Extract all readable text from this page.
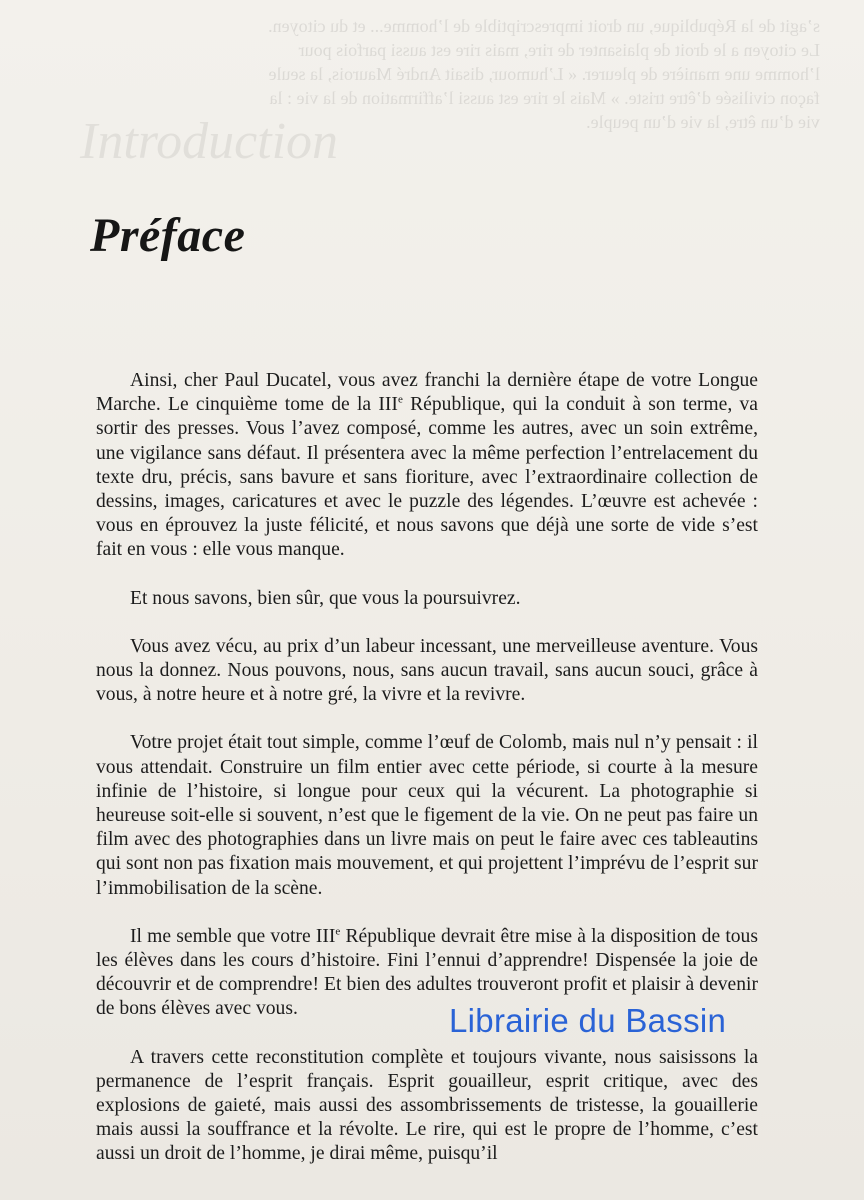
Introduction
s’agit de la République, un droit imprescriptible de l’homme... et du citoyen.
Le citoyen a le droit de plaisanter de rire, mais rire est aussi parfois pour
l’homme une manière de pleurer. « L’humour, disait André Maurois, la seule
façon civilisée d’être triste. » Mais le rire est aussi l’affirmation de la vie : la
vie d’un être, la vie d’un peuple.
Préface

Ainsi, cher Paul Ducatel, vous avez franchi la dernière étape de votre Longue Marche. Le cinquième tome de la IIIe République, qui la conduit à son terme, va sortir des presses. Vous l’avez composé, comme les autres, avec un soin extrême, une vigilance sans défaut. Il présentera avec la même perfection l’entrelacement du texte dru, précis, sans bavure et sans fioriture, avec l’extraordinaire collection de dessins, images, caricatures et avec le puzzle des légendes. L’œuvre est achevée : vous en éprouvez la juste félicité, et nous savons que déjà une sorte de vide s’est fait en vous : elle vous manque.

Et nous savons, bien sûr, que vous la poursuivrez.

Vous avez vécu, au prix d’un labeur incessant, une merveilleuse aventure. Vous nous la donnez. Nous pouvons, nous, sans aucun travail, sans aucun souci, grâce à vous, à notre heure et à notre gré, la vivre et la revivre.

Votre projet était tout simple, comme l’œuf de Colomb, mais nul n’y pensait : il vous attendait. Construire un film entier avec cette période, si courte à la mesure infinie de l’histoire, si longue pour ceux qui la vécurent. La photographie si heureuse soit-elle si souvent, n’est que le figement de la vie. On ne peut pas faire un film avec des photographies dans un livre mais on peut le faire avec ces tableautins qui sont non pas fixation mais mouvement, et qui projettent l’imprévu de l’esprit sur l’immobilisation de la scène.

Il me semble que votre IIIe République devrait être mise à la disposition de tous les élèves dans les cours d’histoire. Fini l’ennui d’apprendre! Dispensée la joie de découvrir et de comprendre! Et bien des adultes trouveront profit et plaisir à devenir de bons élèves avec vous.

A travers cette reconstitution complète et toujours vivante, nous saisissons la permanence de l’esprit français. Esprit gouailleur, esprit critique, avec des explosions de gaieté, mais aussi des assombrissements de tristesse, la gouaillerie mais aussi la souffrance et la révolte. Le rire, qui est le propre de l’homme, c’est aussi un droit de l’homme, je dirai même, puisqu’il

Librairie du Bassin
